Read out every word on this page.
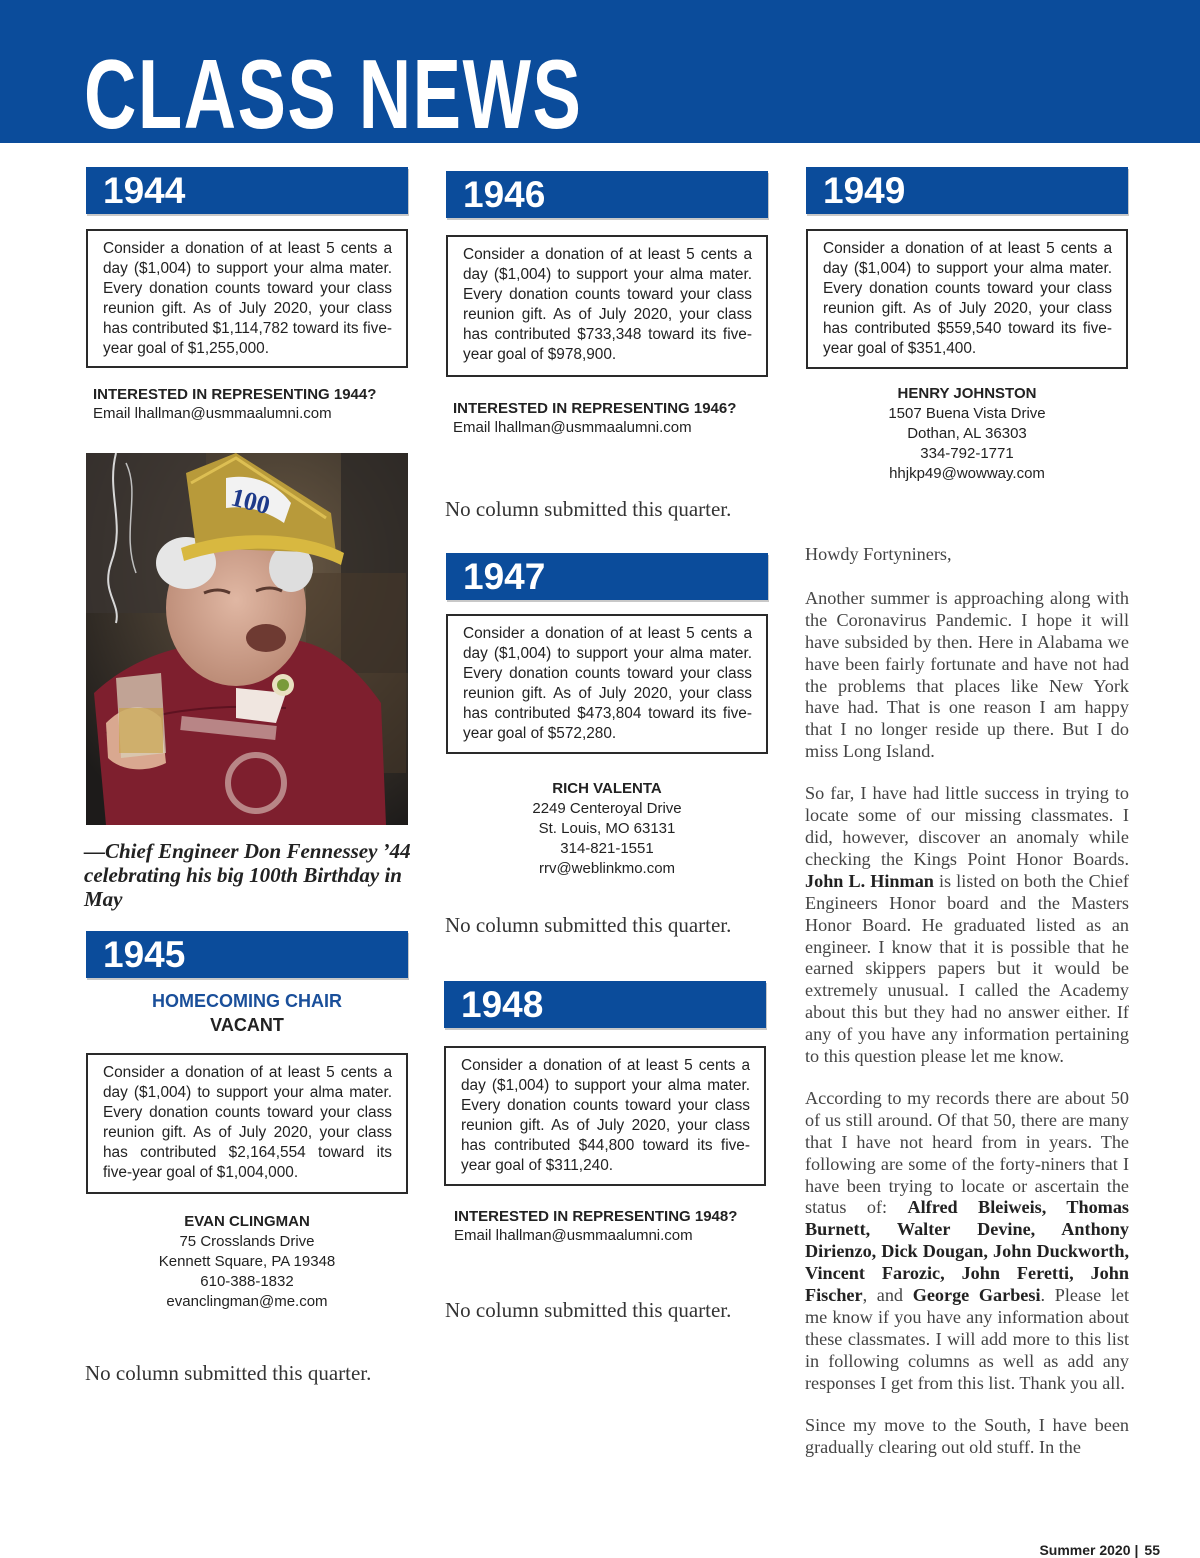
CLASS NEWS
1944
Consider a donation of at least 5 cents a day ($1,004) to support your alma mater. Every donation counts toward your class reunion gift. As of July 2020, your class has contributed $1,114,782 toward its five-year goal of $1,255,000.
INTERESTED IN REPRESENTING 1944?
Email lhallman@usmmaalumni.com
100
—Chief Engineer Don Fennessey ’44 celebrating his big 100th Birthday in May
1945
HOMECOMING CHAIR
VACANT
Consider a donation of at least 5 cents a day ($1,004) to support your alma mater. Every donation counts toward your class reunion gift. As of July 2020, your class has contributed $2,164,554 toward its five-year goal of $1,004,000.
EVAN CLINGMAN
75 Crosslands Drive
Kennett Square, PA 19348
610-388-1832
evanclingman@me.com
No column submitted this quarter.
1946
Consider a donation of at least 5 cents a day ($1,004) to support your alma mater. Every donation counts toward your class reunion gift. As of July 2020, your class has contributed $733,348 toward its five-year goal of $978,900.
INTERESTED IN REPRESENTING 1946?
Email lhallman@usmmaalumni.com
No column submitted this quarter.
1947
Consider a donation of at least 5 cents a day ($1,004) to support your alma mater. Every donation counts toward your class reunion gift. As of July 2020, your class has contributed $473,804 toward its five-year goal of $572,280.
RICH VALENTA
2249 Centeroyal Drive
St. Louis, MO 63131
314-821-1551
rrv@weblinkmo.com
No column submitted this quarter.
1948
Consider a donation of at least 5 cents a day ($1,004) to support your alma mater. Every donation counts toward your class reunion gift. As of July 2020, your class has contributed $44,800 toward its five-year goal of $311,240.
INTERESTED IN REPRESENTING 1948?
Email lhallman@usmmaalumni.com
No column submitted this quarter.
1949
Consider a donation of at least 5 cents a day ($1,004) to support your alma mater. Every donation counts toward your class reunion gift. As of July 2020, your class has contributed $559,540 toward its five-year goal of $351,400.
HENRY JOHNSTON
1507 Buena Vista Drive
Dothan, AL 36303
334-792-1771
hhjkp49@wowway.com

Howdy Fortyniners,

Another summer is approaching along with the Coronavirus Pandemic. I hope it will have subsided by then. Here in Alabama we have been fairly fortunate and have not had the problems that places like New York have had. That is one reason I am happy that I no longer reside up there. But I do miss Long Island.

So far, I have had little success in trying to locate some of our missing classmates. I did, however, discover an anomaly while checking the Kings Point Honor Boards. John L. Hinman is listed on both the Chief Engineers Honor board and the Masters Honor Board. He graduated listed as an engineer. I know that it is possible that he earned skippers papers but it would be extremely unusual. I called the Academy about this but they had no answer either. If any of you have any information pertaining to this question please let me know.

According to my records there are about 50 of us still around. Of that 50, there are many that I have not heard from in years. The following are some of the forty-niners that I have been trying to locate or ascertain the status of: Alfred Bleiweis, Thomas Burnett, Walter Devine, Anthony Dirienzo, Dick Dougan, John Duckworth, Vincent Farozic, John Feretti, John Fischer, and George Garbesi. Please let me know if you have any information about these classmates. I will add more to this list in following columns as well as add any responses I get from this list. Thank you all.

Since my move to the South, I have been gradually clearing out old stuff. In the

Summer 2020 | 55
